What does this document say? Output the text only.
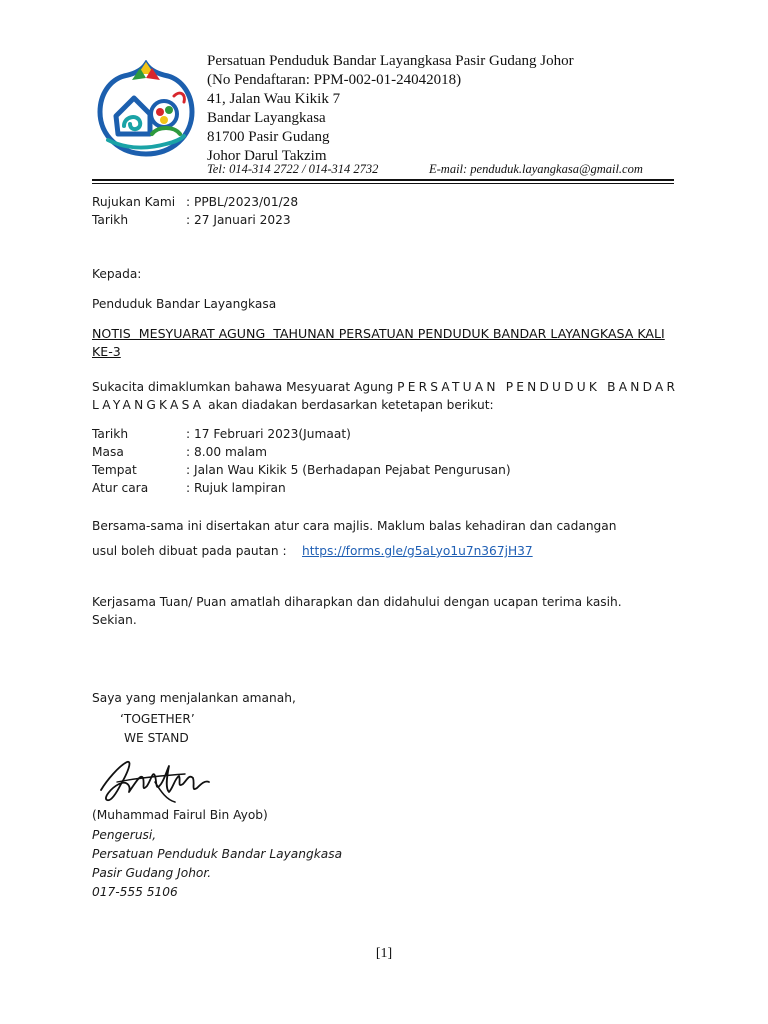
Persatuan Penduduk Bandar Layangkasa Pasir Gudang Johor
(No Pendaftaran: PPM-002-01-24042018)
41, Jalan Wau Kikik 7
Bandar Layangkasa
81700 Pasir Gudang
Johor Darul Takzim
Tel: 014-314 2722 / 014-314 2732	E-mail: penduduk.layangkasa@gmail.com
Rujukan Kami : PPBL/2023/01/28
Tarikh	: 27 Januari 2023
Kepada:
Penduduk Bandar Layangkasa
NOTIS  MESYUARAT AGUNG  TAHUNAN PERSATUAN PENDUDUK BANDAR LAYANGKASA KALI
KE-3
Sukacita dimaklumkan bahawa Mesyuarat Agung PERSATUAN PENDUDUK BANDAR
LAYANGKASA akan diadakan berdasarkan ketetapan berikut:
Tarikh	: 17 Februari 2023(Jumaat)
Masa	: 8.00 malam
Tempat	: Jalan Wau Kikik 5 (Berhadapan Pejabat Pengurusan)
Atur cara	: Rujuk lampiran
Bersama-sama ini disertakan atur cara majlis. Maklum balas kehadiran dan cadangan
usul boleh dibuat pada pautan : https://forms.gle/g5aLyo1u7n367jH37
Kerjasama Tuan/ Puan amatlah diharapkan dan didahului dengan ucapan terima kasih.
Sekian.
Saya yang menjalankan amanah,
‘TOGETHER’
WE STAND
(Muhammad Fairul Bin Ayob)
Pengerusi,
Persatuan Penduduk Bandar Layangkasa
Pasir Gudang Johor.
017-555 5106
[1]
